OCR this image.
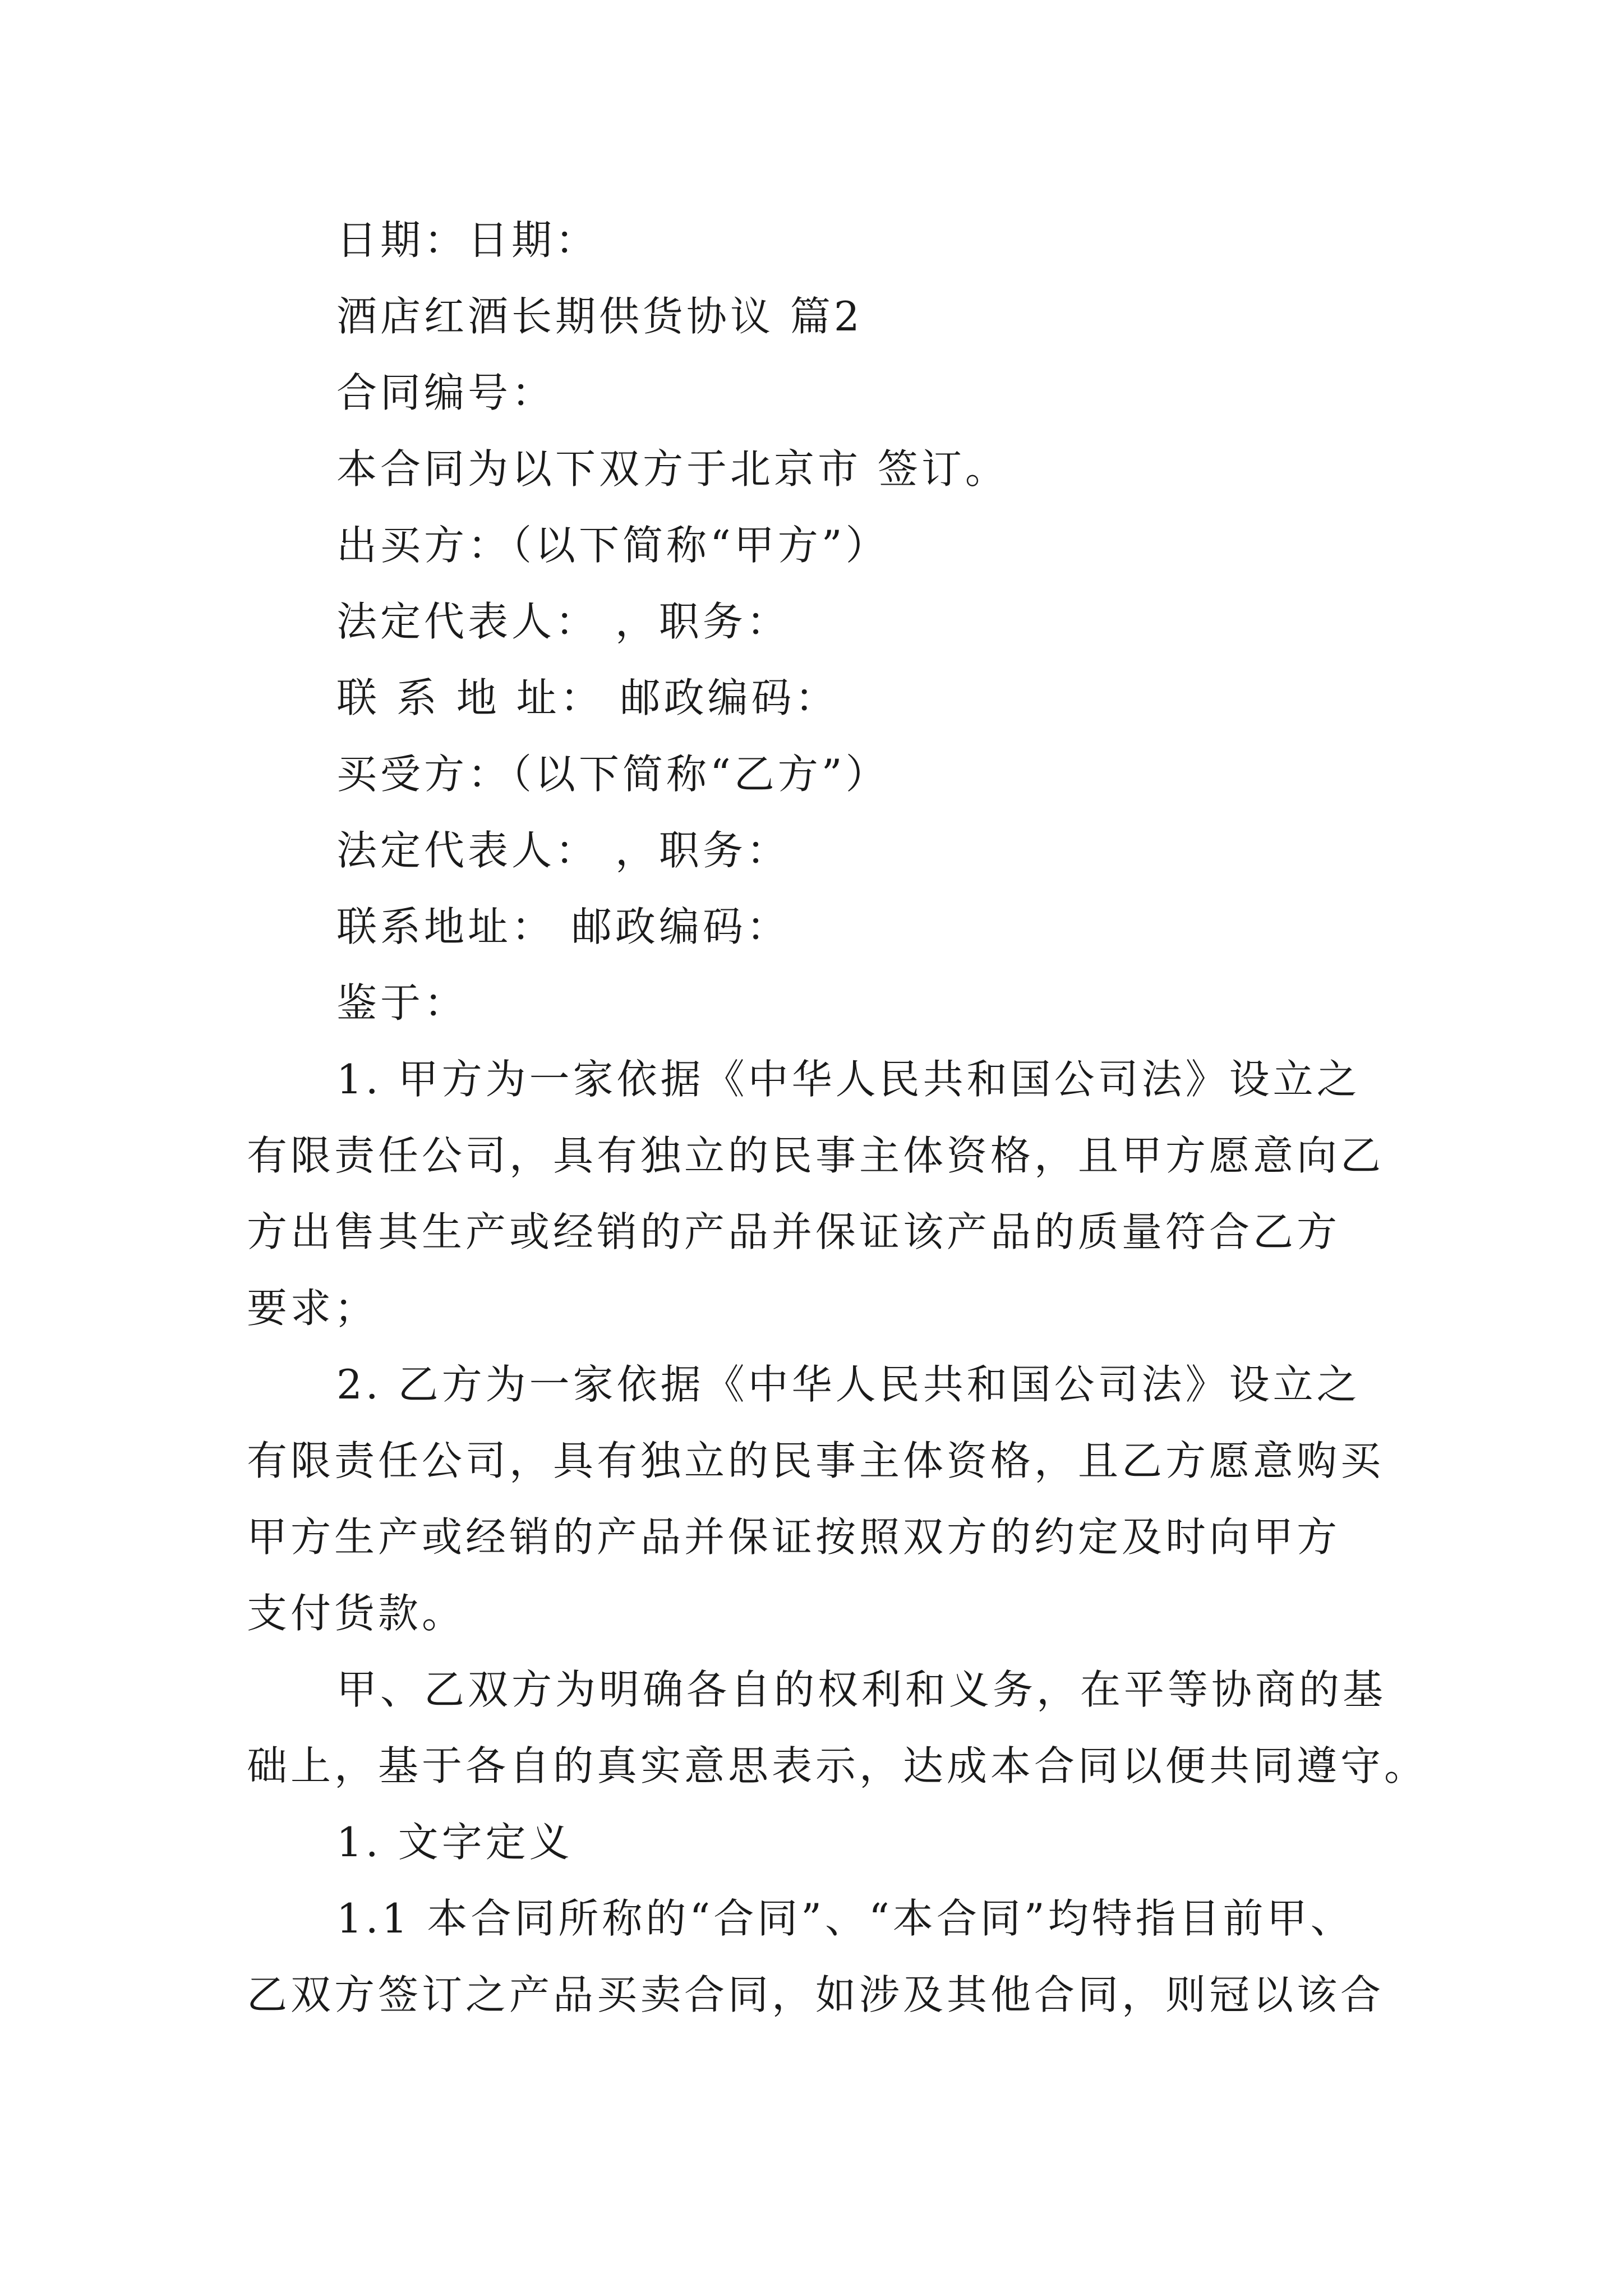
日期：日期：
酒店红酒长期供货协议 篇2
合同编号：
本合同为以下双方于北京市 签订。
出买方：（以下简称“甲方”）
法定代表人： ，职务：
联 系 地 址： 邮政编码：
买受方：（以下简称“乙方”）
法定代表人： ，职务：
联系地址： 邮政编码：
鉴于：
1. 甲方为一家依据《中华人民共和国公司法》设立之
有限责任公司，具有独立的民事主体资格，且甲方愿意向乙
方出售其生产或经销的产品并保证该产品的质量符合乙方
要求；
2. 乙方为一家依据《中华人民共和国公司法》设立之
有限责任公司，具有独立的民事主体资格，且乙方愿意购买
甲方生产或经销的产品并保证按照双方的约定及时向甲方
支付货款。
甲、乙双方为明确各自的权利和义务，在平等协商的基
础上，基于各自的真实意思表示，达成本合同以便共同遵守。
1. 文字定义
1.1 本合同所称的“合同”、“本合同”均特指目前甲、
乙双方签订之产品买卖合同，如涉及其他合同，则冠以该合
